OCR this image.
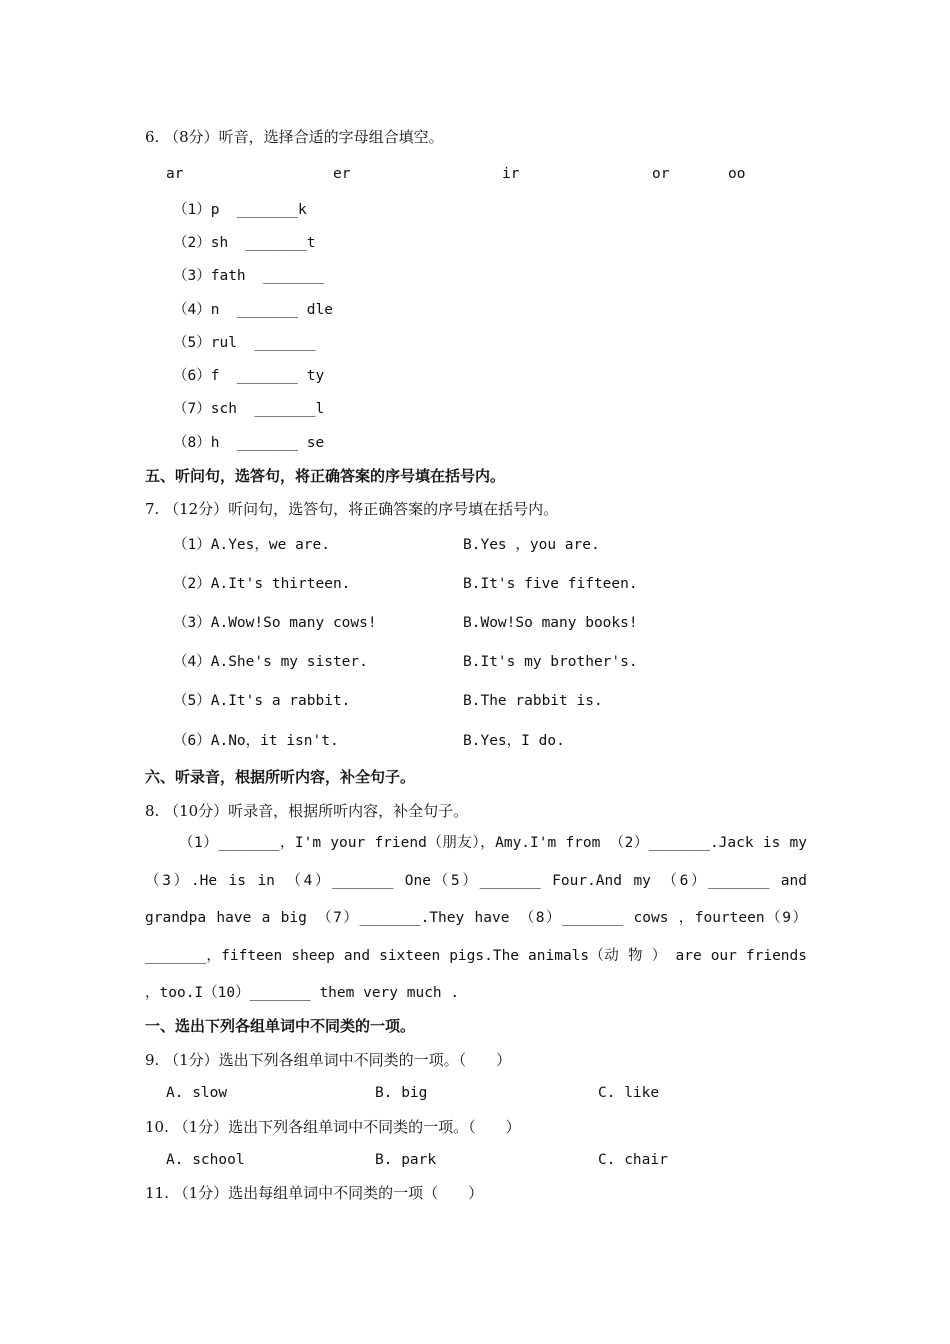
6. （8分）听音，选择合适的字母组合填空。
ar	er	ir	or	oo
（1）p  _______k
（2）sh  _______t
（3）fath  _______
（4）n  _______ dle
（5）rul  _______
（6）f  _______ ty
（7）sch  _______l
（8）h  _______ se
五、听问句，选答句，将正确答案的序号填在括号内。
7. （12分）听问句，选答句，将正确答案的序号填在括号内。
（1）A.Yes，we are.	B.Yes ，you are.
（2）A.It's thirteen.	B.It's five fifteen.
（3）A.Wow!So many cows!	B.Wow!So many books!
（4）A.She's my sister.	B.It's my brother's.
（5）A.It's a rabbit.	B.The rabbit is.
（6）A.No，it isn't.	B.Yes，I do.
六、听录音，根据所听内容，补全句子。
8. （10分）听录音，根据所听内容，补全句子。
（1）_______，I'm your friend（朋友），Amy.I'm from （2）_______.Jack is my（3）.He is in （4）_______ One（5）_______ Four.And my （6）_______ and grandpa have a big （7）_______.They have （8）_______ cows ，fourteen（9）_______，fifteen sheep and sixteen pigs.The animals（动 物 ） are our friends ，too.I（10）_______ them very much .
一、选出下列各组单词中不同类的一项。
9. （1分）选出下列各组单词中不同类的一项。（　　）
A. slow	B. big	C. like
10. （1分）选出下列各组单词中不同类的一项。（　　）
A. school	B. park	C. chair
11. （1分）选出每组单词中不同类的一项（　　）
